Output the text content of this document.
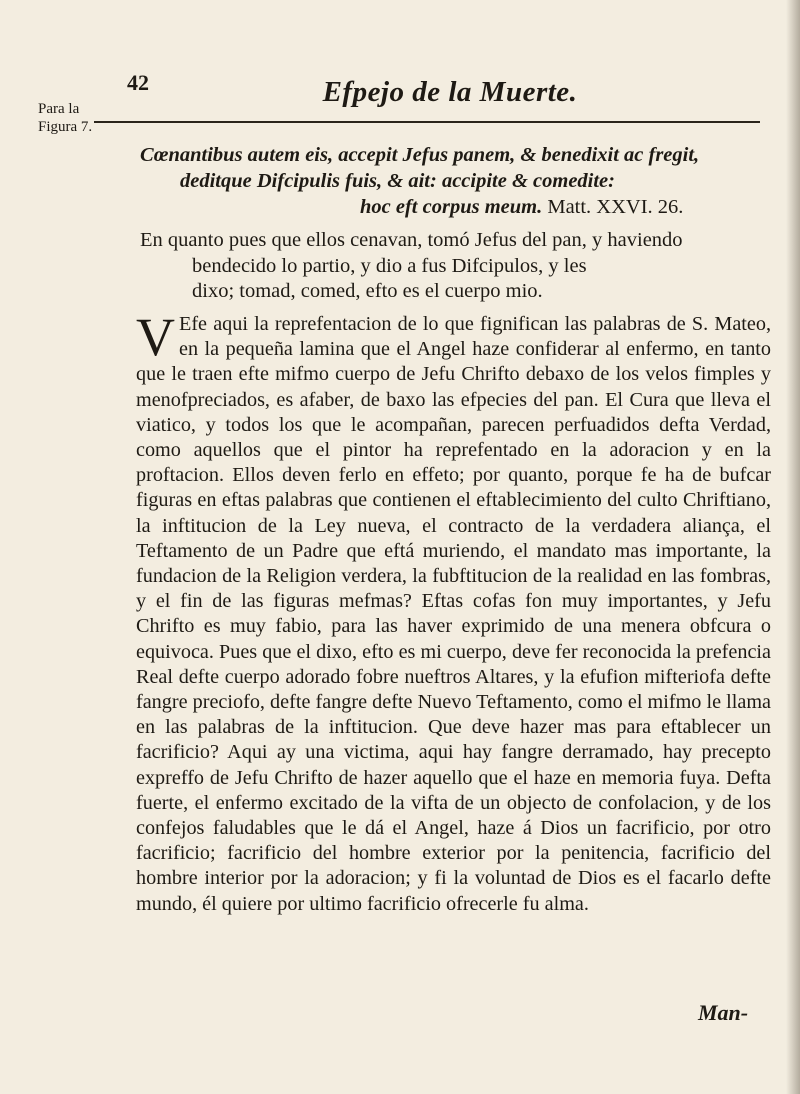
42	Efpejo de la Muerte.
Para la
Figura 7.
Cœnantibus autem eis, accepit Jefus panem, & benedixit ac fregit,
deditque Difcipulis fuis, & ait: accipite & comedite:
hoc eft corpus meum. Matt. XXVI. 26.
En quanto pues que ellos cenavan, tomó Jefus del pan, y haviendo
bendecido lo partio, y dio a fus Difcipulos, y les
dixo; tomad, comed, efto es el cuerpo mio.
V Efe aqui la reprefentacion de lo que fignifican las palabras de S. Mateo, en la pequeña lamina que el Angel haze confiderar al enfermo, en tanto que le traen efte mifmo cuerpo de Jefu Chrifto debaxo de los velos fimples y menofpreciados, es afaber, de baxo las efpecies del pan. El Cura que lleva el viatico, y todos los que le acompañan, parecen perfuadidos defta Verdad, como aquellos que el pintor ha reprefentado en la adoracion y en la proftacion. Ellos deven ferlo en effeto; por quanto, porque fe ha de bufcar figuras en eftas palabras que contienen el eftablecimiento del culto Chriftiano, la inftitucion de la Ley nueva, el contracto de la verdadera aliança, el Teftamento de un Padre que eftá muriendo, el mandato mas importante, la fundacion de la Religion verdera, la fubftitucion de la realidad en las fombras, y el fin de las figuras mefmas? Eftas cofas fon muy importantes, y Jefu Chrifto es muy fabio, para las haver exprimido de una menera obfcura o equivoca. Pues que el dixo, efto es mi cuerpo, deve fer reconocida la prefencia Real defte cuerpo adorado fobre nueftros Altares, y la efufion mifteriofa defte fangre preciofo, defte fangre defte Nuevo Teftamento, como el mifmo le llama en las palabras de la inftitucion. Que deve hazer mas para eftablecer un facrificio? Aqui ay una victima, aqui hay fangre derramado, hay precepto expreffo de Jefu Chrifto de hazer aquello que el haze en memoria fuya. Defta fuerte, el enfermo excitado de la vifta de un objecto de confolacion, y de los confejos faludables que le dá el Angel, haze á Dios un facrificio, por otro facrificio; facrificio del hombre exterior por la penitencia, facrificio del hombre interior por la adoracion; y fi la voluntad de Dios es el facarlo defte mundo, él quiere por ultimo facrificio ofrecerle fu alma.
Man-
